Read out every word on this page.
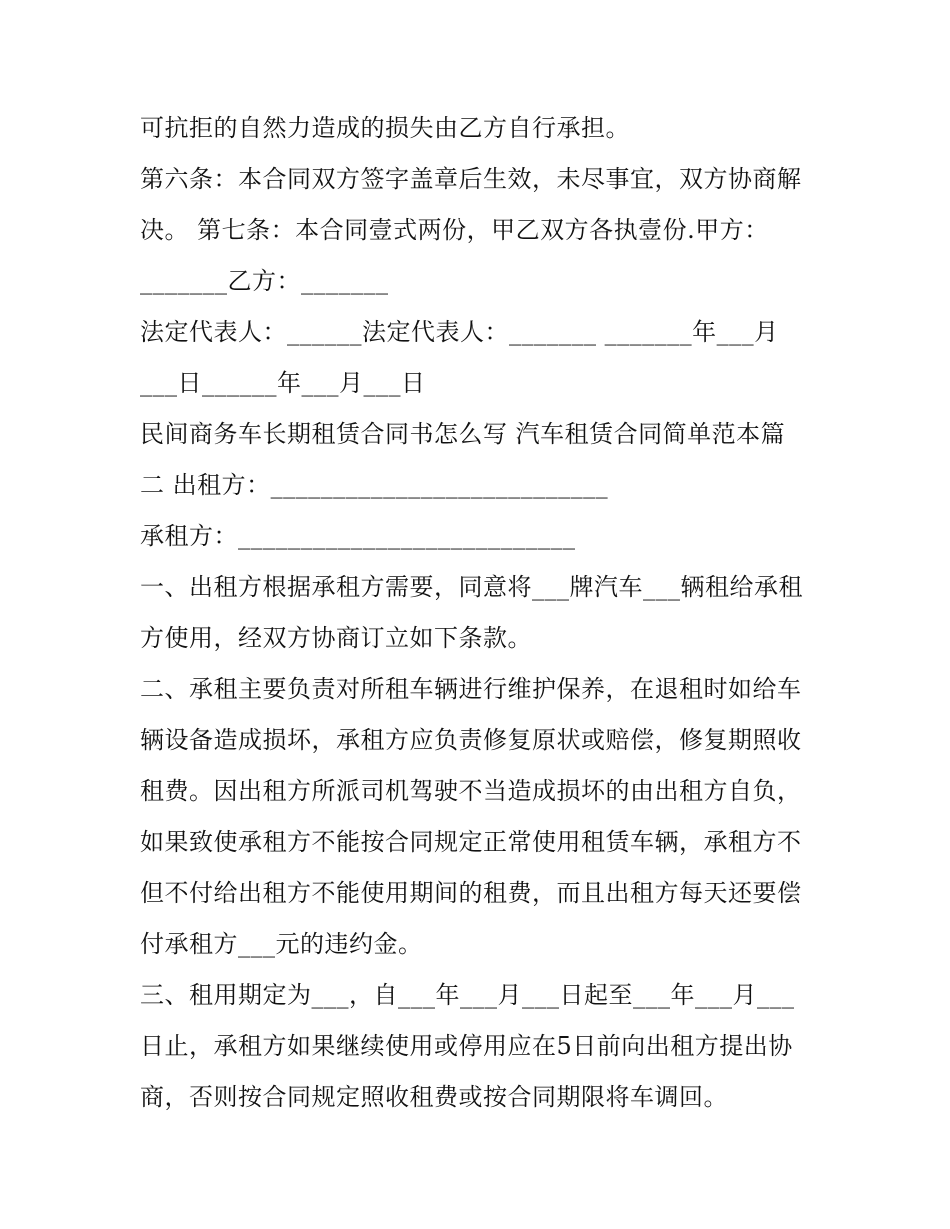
可抗拒的自然力造成的损失由乙方自行承担。

第六条：本合同双方签字盖章后生效，未尽事宜，双方协商解

决。 第七条：本合同壹式两份，甲乙双方各执壹份.甲方：

_______乙方：_______

法定代表人：______法定代表人：_______ _______年___月

___日______年___月___日

民间商务车长期租赁合同书怎么写 汽车租赁合同简单范本篇

二 出租方：___________________________

承租方：___________________________

一、出租方根据承租方需要，同意将___牌汽车___辆租给承租

方使用，经双方协商订立如下条款。

二、承租主要负责对所租车辆进行维护保养，在退租时如给车

辆设备造成损坏，承租方应负责修复原状或赔偿，修复期照收

租费。因出租方所派司机驾驶不当造成损坏的由出租方自负，

如果致使承租方不能按合同规定正常使用租赁车辆，承租方不

但不付给出租方不能使用期间的租费，而且出租方每天还要偿

付承租方___元的违约金。

三、租用期定为___，自___年___月___日起至___年___月___

日止，承租方如果继续使用或停用应在5日前向出租方提出协

商，否则按合同规定照收租费或按合同期限将车调回。
